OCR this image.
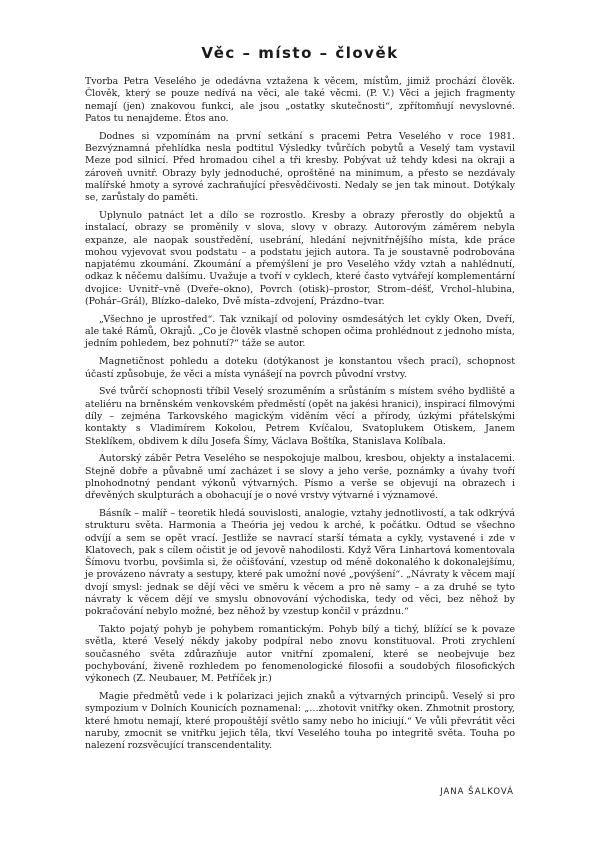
Věc – místo – člověk

Tvorba Petra Veselého je odedávna vztažena k věcem, místům, jimiž prochází člověk. Člověk, který se pouze nedívá na věci, ale také věcmi. (P. V.) Věci a jejich fragmenty nemají (jen) znakovou funkci, ale jsou „ostatky skutečnosti“, zpřítomňují nevyslovné. Patos tu nenajdeme. Étos ano.

Dodnes si vzpomínám na první setkání s pracemi Petra Veselého v roce 1981. Bezvýznamná přehlídka nesla podtitul Výsledky tvůrčích pobytů a Veselý tam vystavil Meze pod silnicí. Před hromadou cihel a tři kresby. Pobývat už tehdy kdesi na okraji a zároveň uvnitř. Obrazy byly jednoduché, oproštěné na minimum, a přesto se nezdávaly malířské hmoty a syrové zachraňující přesvědčivosti. Nedaly se jen tak minout. Dotýkaly se, zarůstaly do paměti.

Uplynulo patnáct let a dílo se rozrostlo. Kresby a obrazy přerostly do objektů a instalací, obrazy se proměnily v slova, slovy v obrazy. Autorovým záměrem nebyla expanze, ale naopak soustředění, usebrání, hledání nejvnitřnějšího místa, kde práce mohou vyjevovat svou podstatu – a podstatu jejich autora. Ta je soustavně podrobována napjatému zkoumání. Zkoumání a přemýšlení je pro Veselého vždy vztah a nahlédnutí, odkaz k něčemu dalšímu. Uvažuje a tvoří v cyklech, které často vytvářejí komplementární dvojice: Uvnitř–vně (Dveře–okno), Povrch (otisk)–prostor, Strom–déšť, Vrchol–hlubina, (Pohár–Grál), Blízko–daleko, Dvě místa–zdvojení, Prázdno–tvar.

„Všechno je uprostřed“. Tak vznikají od poloviny osmdesátých let cykly Oken, Dveří, ale také Rámů, Okrajů. „Co je člověk vlastně schopen očima prohlédnout z jednoho místa, jedním pohledem, bez pohnutí?“ táže se autor.

Magnetičnost pohledu a doteku (dotýkanost je konstantou všech prací), schopnost účastí způsobuje, že věci a místa vynášejí na povrch původní vrstvy.

Své tvůrčí schopnosti tříbil Veselý srozuměním a srůstáním s místem svého bydliště a ateliéru na brněnském venkovském předměstí (opět na jakési hranici), inspirací filmovými díly – zejména Tarkovského magickým viděním věcí a přírody, úzkými přátelskými kontakty s Vladimírem Kokolou, Petrem Kvíčalou, Svatoplukem Otiskem, Janem Steklíkem, obdivem k dílu Josefa Šímy, Václava Boštíka, Stanislava Kolíbala.

Autorský záběr Petra Veselého se nespokojuje malbou, kresbou, objekty a instalacemi. Stejně dobře a půvabně umí zacházet i se slovy a jeho verše, poznámky a úvahy tvoří plnohodnotný pendant výkonů výtvarných. Písmo a verše se objevují na obrazech i dřevěných skulpturách a obohacují je o nové vrstvy výtvarné i významové.

Básník – malíř – teoretik hledá souvislosti, analogie, vztahy jednotlivostí, a tak odkrývá strukturu světa. Harmonia a Theória jej vedou k arché, k počátku. Odtud se všechno odvíjí a sem se opět vrací. Jestliže se navrací starší témata a cykly, vystavené i zde v Klatovech, pak s cílem očistit je od jevově nahodilosti. Když Věra Linhartová komentovala Šímovu tvorbu, povšimla si, že očišťování, vzestup od méně dokonalého k dokonalejšímu, je provázeno návraty a sestupy, které pak umožní nové „povýšení“. „Návraty k věcem mají dvojí smysl: jednak se dějí věci ve směru k věcem a pro ně samy – a za druhé se tyto návraty k věcem dějí ve smyslu obnovování východiska, tedy od věci, bez něhož by pokračování nebylo možné, bez něhož by vzestup končil v prázdnu.“

Takto pojatý pohyb je pohybem romantickým. Pohyb bílý a tichý, blížící se k povaze světla, které Veselý někdy jakoby podpíral nebo znovu konstituoval. Proti zrychlení současného světa zdůrazňuje autor vnitřní zpomalení, které se neobejvuje bez pochybování, živeně rozhledem po fenomenologické filosofii a soudobých filosofických výkonech (Z. Neubauer, M. Petříček jr.)

Magie předmětů vede i k polarizaci jejich znaků a výtvarných principů. Veselý si pro sympozium v Dolních Kounicích poznamenal: „…zhotovit vnitřky oken. Zhmotnit prostory, které hmotu nemají, které propouštějí světlo samy nebo ho iniciují.“ Ve vůli převrátit věci naruby, zmocnit se vnitřku jejich těla, tkví Veselého touha po integritě světa. Touha po nalezení rozsvěcující transcendentality.

JANA ŠALKOVÁ
